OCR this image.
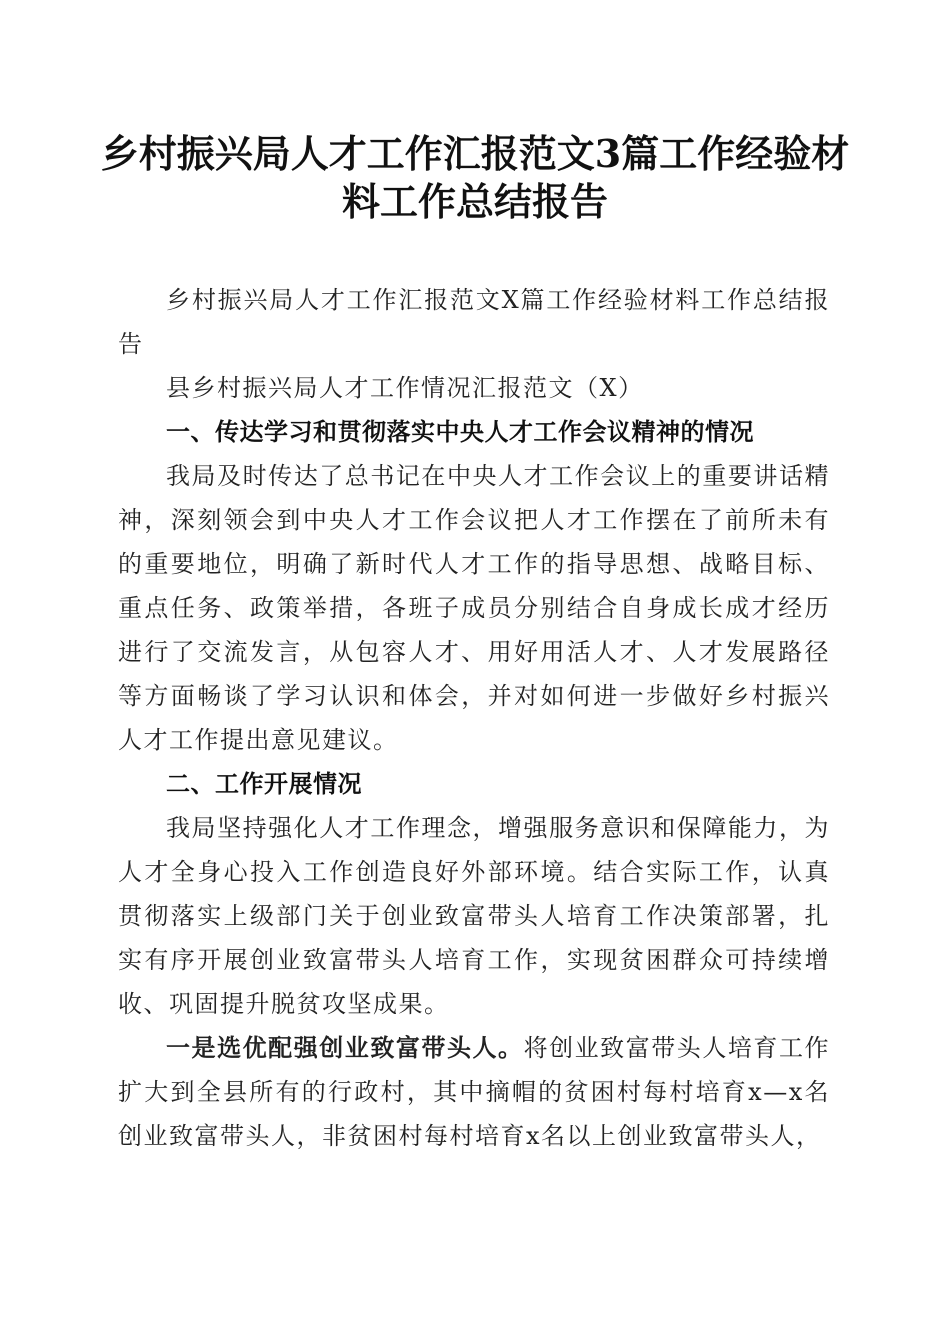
乡村振兴局人才工作汇报范文3篇工作经验材
料工作总结报告

乡村振兴局人才工作汇报范文X篇工作经验材料工作总结报告

县乡村振兴局人才工作情况汇报范文（X）

一、传达学习和贯彻落实中央人才工作会议精神的情况

我局及时传达了总书记在中央人才工作会议上的重要讲话精神，深刻领会到中央人才工作会议把人才工作摆在了前所未有的重要地位，明确了新时代人才工作的指导思想、战略目标、重点任务、政策举措，各班子成员分别结合自身成长成才经历进行了交流发言，从包容人才、用好用活人才、人才发展路径等方面畅谈了学习认识和体会，并对如何进一步做好乡村振兴人才工作提出意见建议。

二、工作开展情况

我局坚持强化人才工作理念，增强服务意识和保障能力，为人才全身心投入工作创造良好外部环境。结合实际工作，认真贯彻落实上级部门关于创业致富带头人培育工作决策部署，扎实有序开展创业致富带头人培育工作，实现贫困群众可持续增收、巩固提升脱贫攻坚成果。

一是选优配强创业致富带头人。将创业致富带头人培育工作扩大到全县所有的行政村，其中摘帽的贫困村每村培育x—x名创业致富带头人，非贫困村每村培育x名以上创业致富带头人，
